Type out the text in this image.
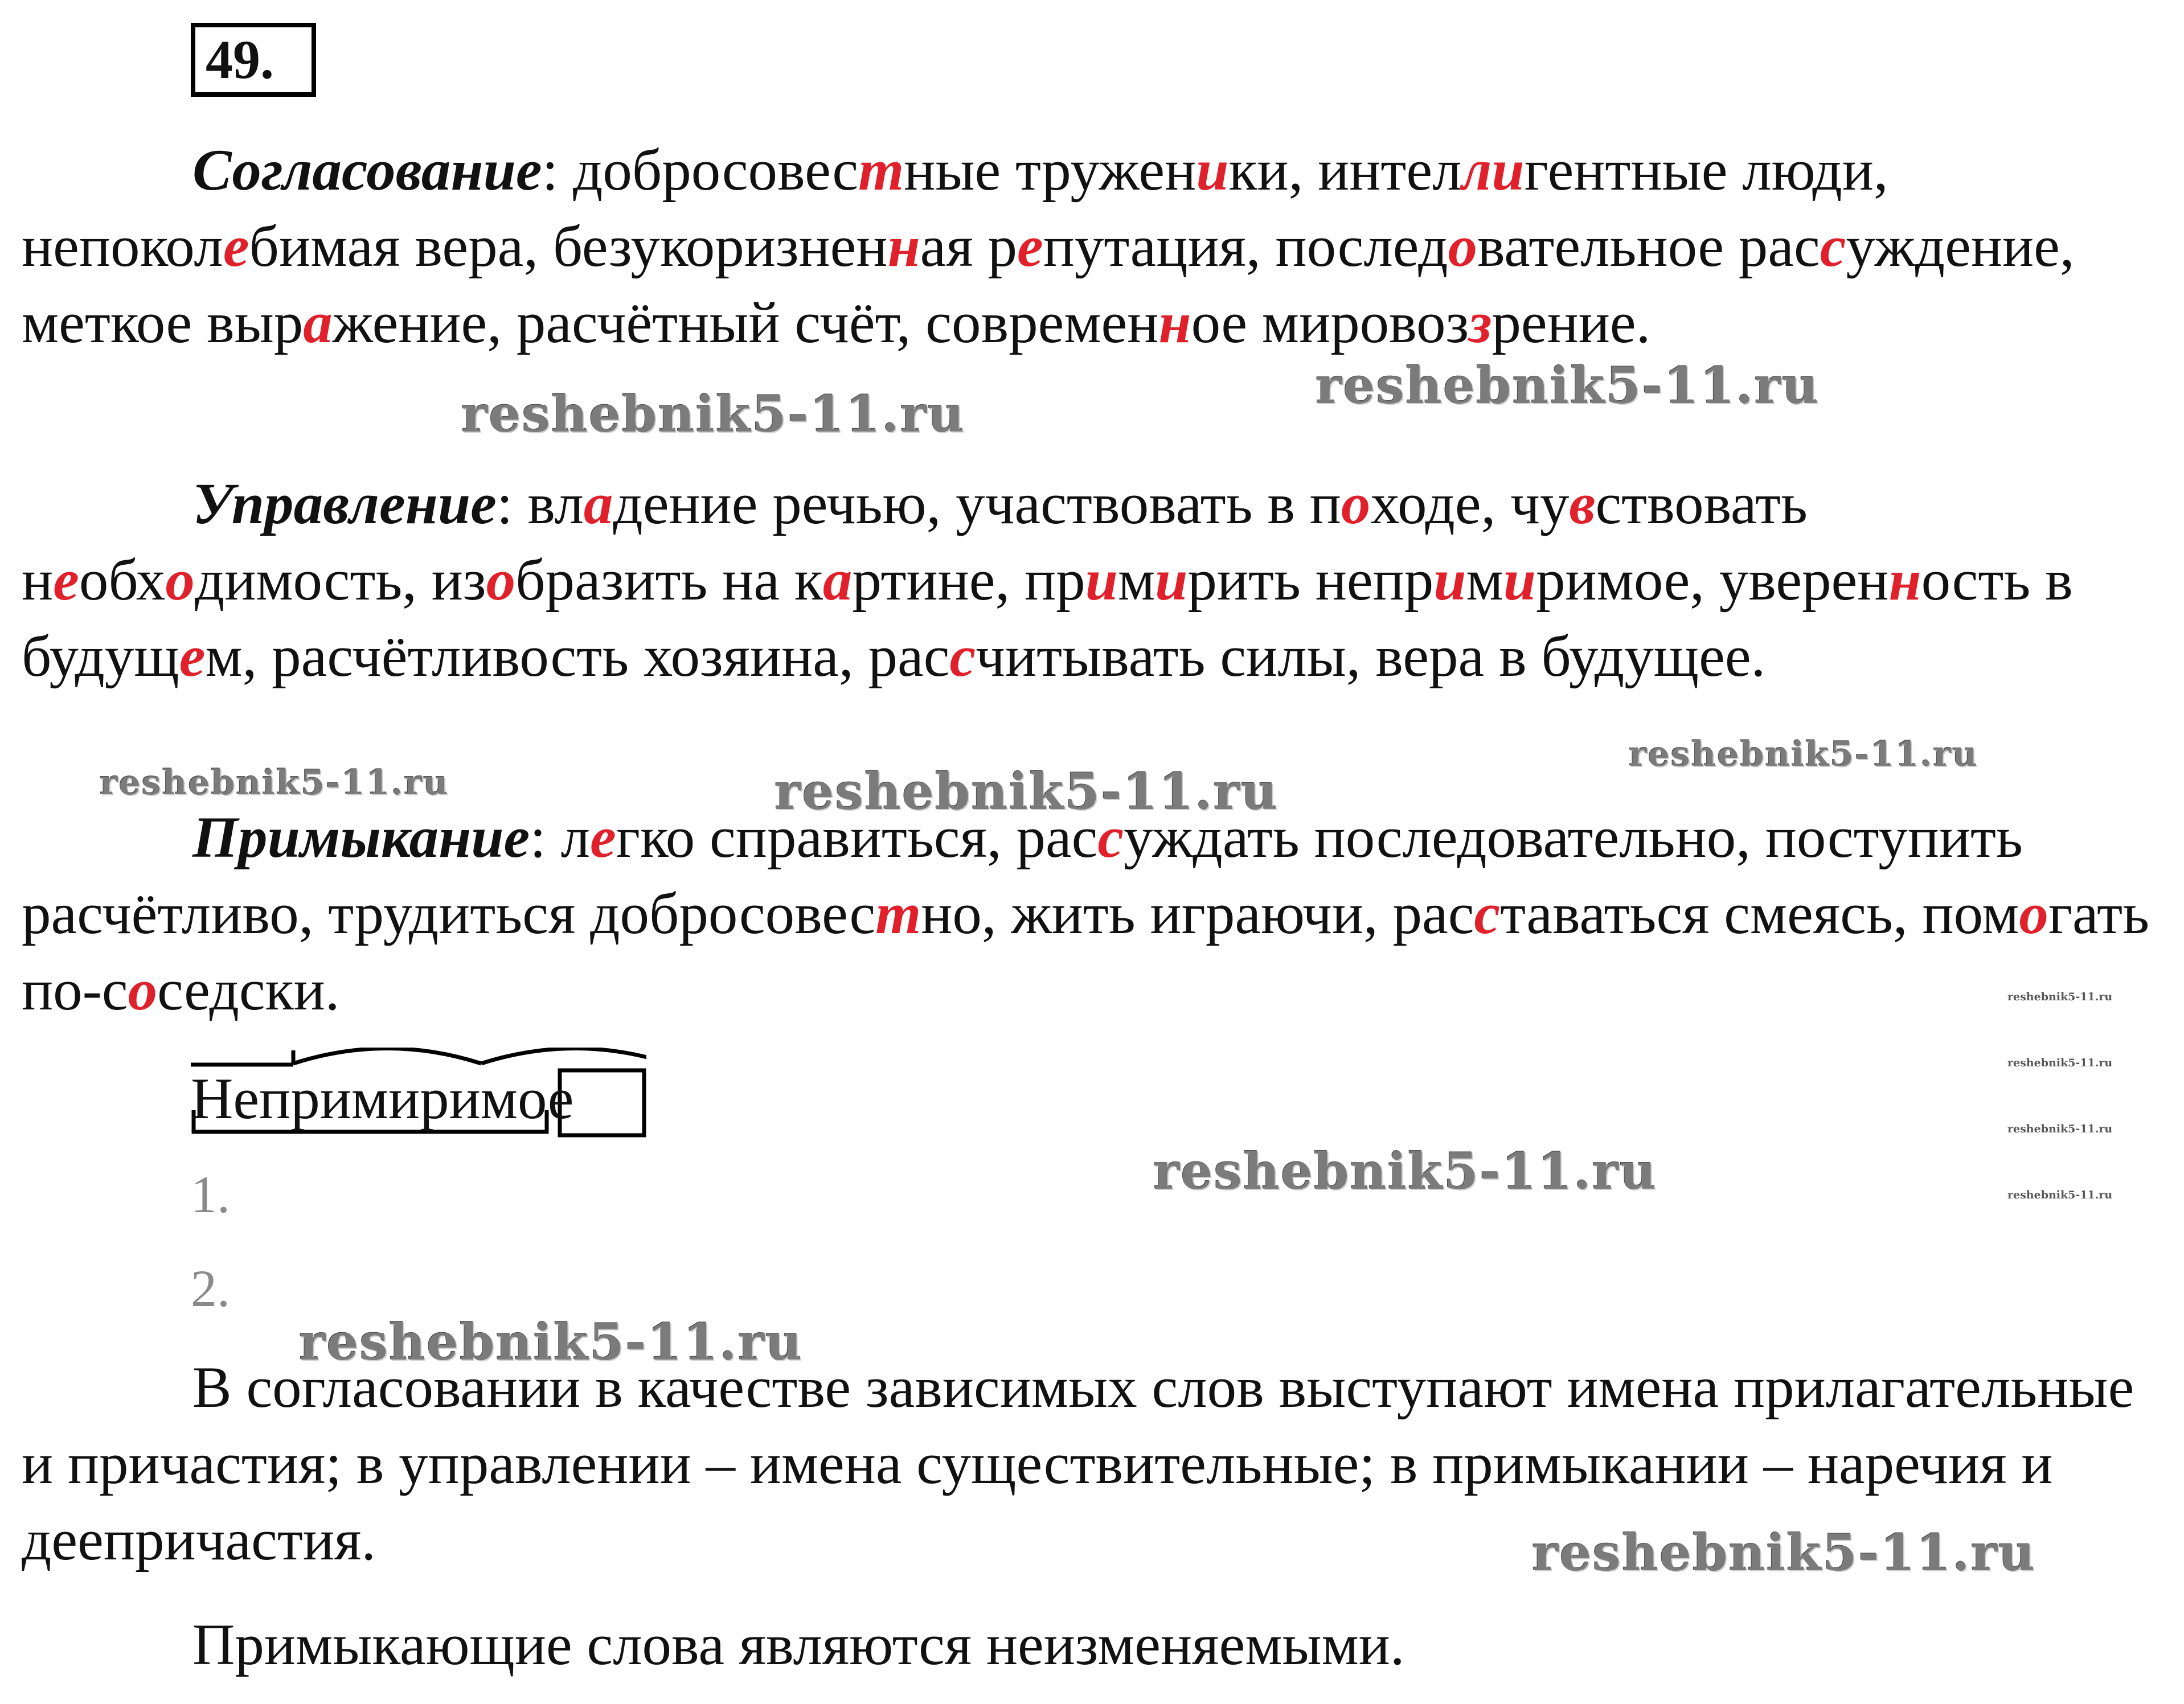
49.

Согласование: добросовестные труженики, интеллигентные люди, непоколебимая вера, безукоризненная репутация, последовательное рассуждение, меткое выражение, расчётный счёт, современное мировоззрение.

Управление: владение речью, участвовать в походе, чувствовать необходимость, изобразить на картине, примирить непримиримое, уверенность в будущем, расчётливость хозяина, рассчитывать силы, вера в будущее.

Примыкание: легко справиться, рассуждать последовательно, поступить расчётливо, трудиться добросовестно, жить играючи, расставаться смеясь, помогать по-соседски.

Непримиримое
1.
2.

В согласовании в качестве зависимых слов выступают имена прилагательные и причастия; в управлении – имена существительные; в примыкании – наречия и деепричастия.

Примыкающие слова являются неизменяемыми.

reshebnik5-11.ru	reshebnik5-11.ru
reshebnik5-11.ru	reshebnik5-11.ru
reshebnik5-11.ru
reshebnik5-11.ru
reshebnik5-11.ru
reshebnik5-11.ru
reshebnik5-11.ru
reshebnik5-11.ru
reshebnik5-11.ru
reshebnik5-11.ru
